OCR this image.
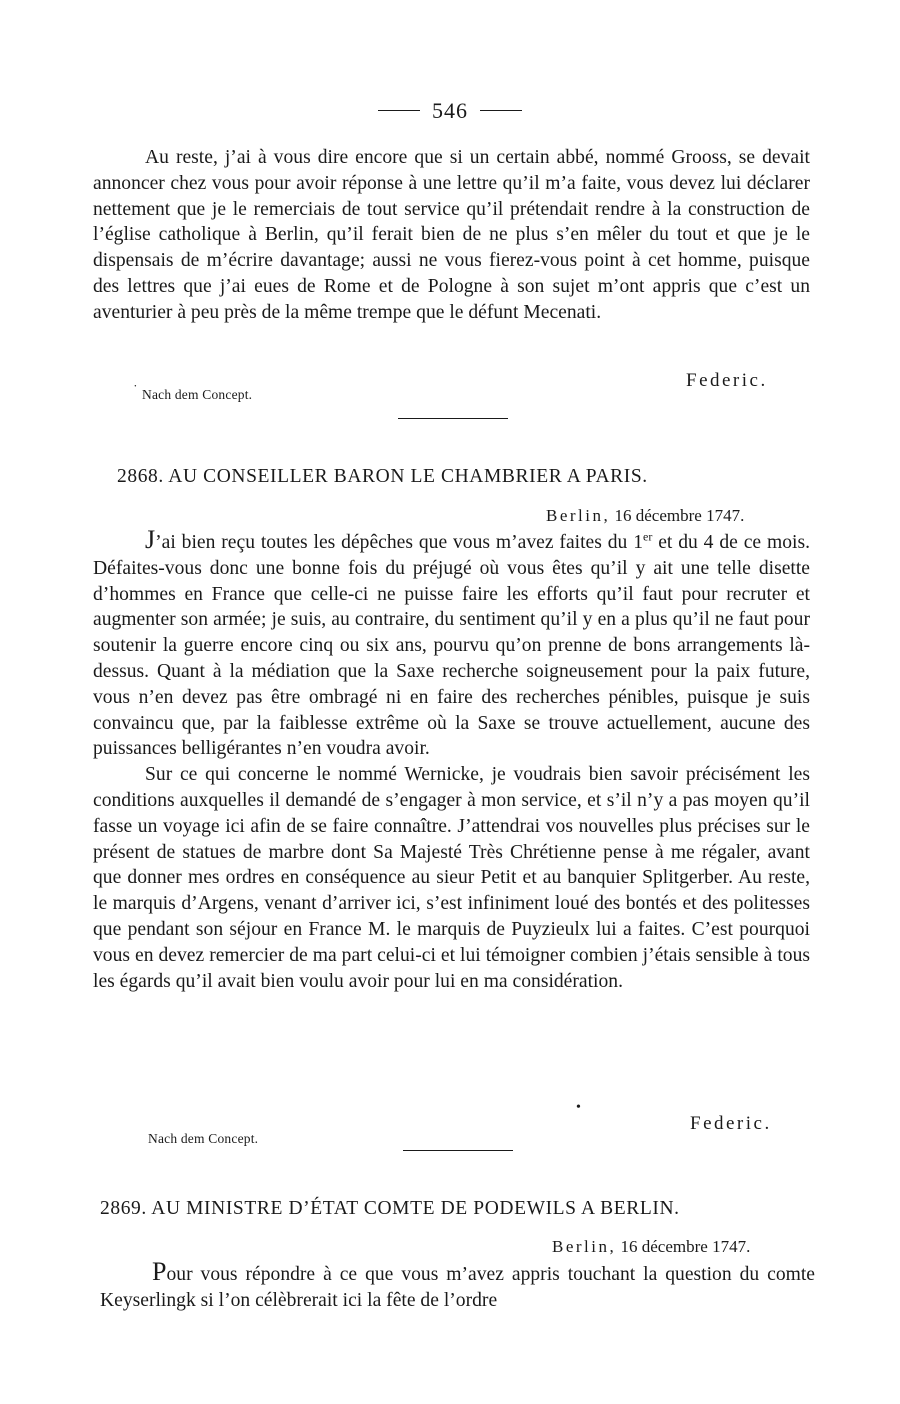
546

Au reste, j’ai à vous dire encore que si un certain abbé, nommé Grooss, se devait annoncer chez vous pour avoir réponse à une lettre qu’il m’a faite, vous devez lui déclarer nettement que je le remerciais de tout service qu’il prétendait rendre à la construction de l’église catholique à Berlin, qu’il ferait bien de ne plus s’en mêler du tout et que je le dispensais de m’écrire davantage; aussi ne vous fierez-vous point à cet homme, puisque des lettres que j’ai eues de Rome et de Pologne à son sujet m’ont appris que c’est un aventurier à peu près de la même trempe que le défunt Mecenati.

Federic.
˙ Nach dem Concept.
2868. AU CONSEILLER BARON LE CHAMBRIER A PARIS.
Berlin, 16 décembre 1747.

J’ai bien reçu toutes les dépêches que vous m’avez faites du 1er et du 4 de ce mois. Défaites-vous donc une bonne fois du préjugé où vous êtes qu’il y ait une telle disette d’hommes en France que celle-ci ne puisse faire les efforts qu’il faut pour recruter et augmenter son armée; je suis, au contraire, du sentiment qu’il y en a plus qu’il ne faut pour soutenir la guerre encore cinq ou six ans, pourvu qu’on prenne de bons arrangements là-dessus. Quant à la médiation que la Saxe recherche soigneusement pour la paix future, vous n’en devez pas être ombragé ni en faire des recherches pénibles, puisque je suis convaincu que, par la faiblesse extrême où la Saxe se trouve actuellement, aucune des puissances belligérantes n’en voudra avoir.

Sur ce qui concerne le nommé Wernicke, je voudrais bien savoir précisément les conditions auxquelles il demandé de s’engager à mon service, et s’il n’y a pas moyen qu’il fasse un voyage ici afin de se faire connaître. J’attendrai vos nouvelles plus précises sur le présent de statues de marbre dont Sa Majesté Très Chrétienne pense à me régaler, avant que donner mes ordres en conséquence au sieur Petit et au banquier Splitgerber. Au reste, le marquis d’Argens, venant d’arriver ici, s’est infiniment loué des bontés et des politesses que pendant son séjour en France M. le marquis de Puyzieulx lui a faites. C’est pourquoi vous en devez remercier de ma part celui-ci et lui témoigner combien j’étais sensible à tous les égards qu’il avait bien voulu avoir pour lui en ma considération.

•
Federic.
Nach dem Concept.
2869. AU MINISTRE D’ÉTAT COMTE DE PODEWILS A BERLIN.
Berlin, 16 décembre 1747.

Pour vous répondre à ce que vous m’avez appris touchant la question du comte Keyserlingk si l’on célèbrerait ici la fête de l’ordre
